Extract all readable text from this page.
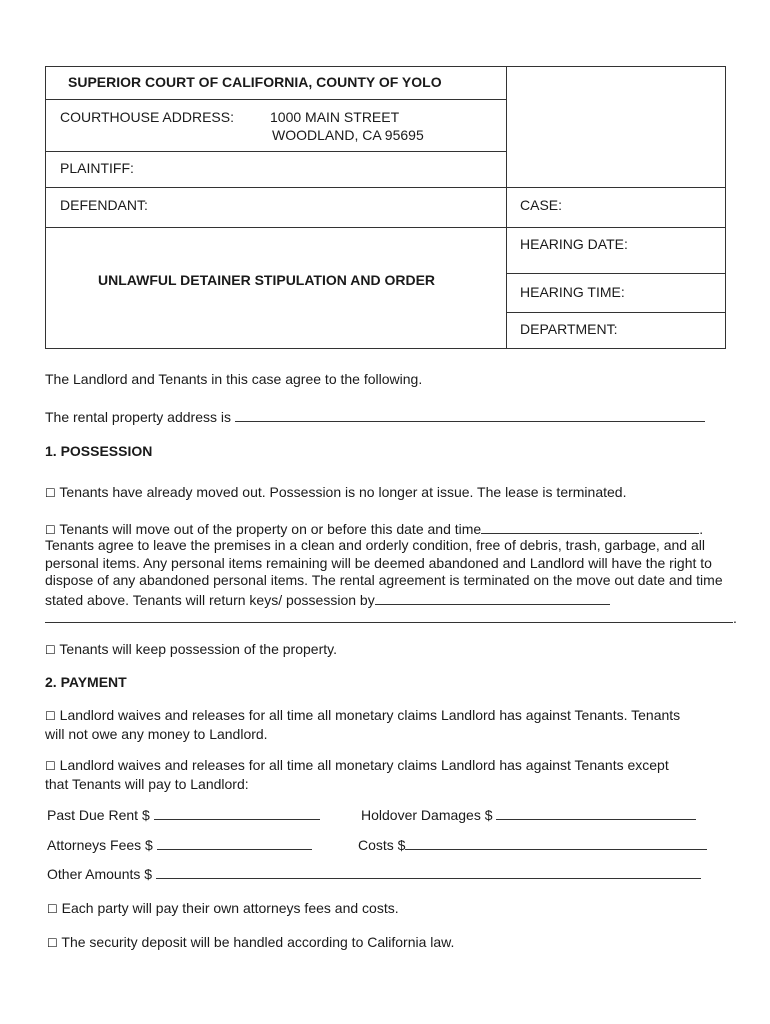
SUPERIOR COURT OF CALIFORNIA, COUNTY OF YOLO
COURTHOUSE ADDRESS:	1000 MAIN STREET
WOODLAND, CA 95695
PLAINTIFF:
DEFENDANT:	CASE:
UNLAWFUL DETAINER STIPULATION AND ORDER
HEARING DATE:
HEARING TIME:
DEPARTMENT:
The Landlord and Tenants in this case agree to the following.
The rental property address is
1. POSSESSION
☐ Tenants have already moved out. Possession is no longer at issue. The lease is terminated.
☐ Tenants will move out of the property on or before this date and time	.
Tenants agree to leave the premises in a clean and orderly condition, free of debris, trash, garbage, and all personal items. Any personal items remaining will be deemed abandoned and Landlord will have the right to dispose of any abandoned personal items. The rental agreement is terminated on the move out date and time stated above. Tenants will return keys/ possession by
.
☐ Tenants will keep possession of the property.
2. PAYMENT
☐ Landlord waives and releases for all time all monetary claims Landlord has against Tenants. Tenants will not owe any money to Landlord.
☐ Landlord waives and releases for all time all monetary claims Landlord has against Tenants except that Tenants will pay to Landlord:
Past Due Rent $	Holdover Damages $
Attorneys Fees $	Costs $
Other Amounts $
☐ Each party will pay their own attorneys fees and costs.
☐ The security deposit will be handled according to California law.
